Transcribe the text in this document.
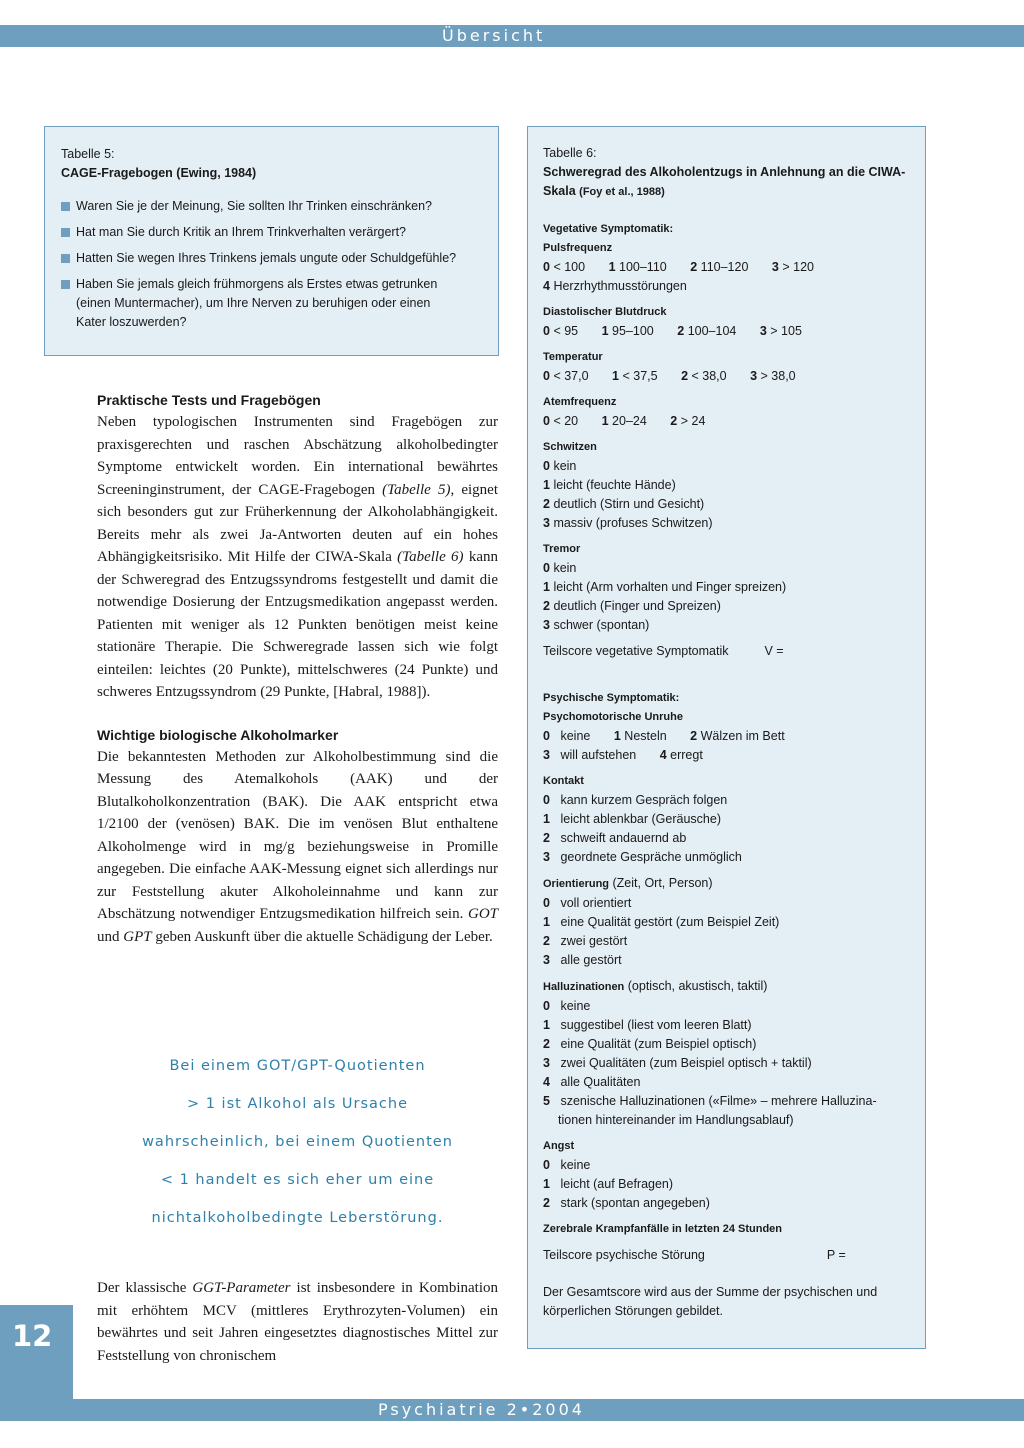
Übersicht
Tabelle 5:
CAGE-Fragebogen (Ewing, 1984)
Waren Sie je der Meinung, Sie sollten Ihr Trinken einschränken?
Hat man Sie durch Kritik an Ihrem Trinkverhalten verärgert?
Hatten Sie wegen Ihres Trinkens jemals ungute oder Schuldgefühle?
Haben Sie jemals gleich frühmorgens als Erstes etwas getrunken (einen Muntermacher), um Ihre Nerven zu beruhigen oder einen Kater loszuwerden?
Tabelle 6:
Schweregrad des Alkoholentzugs in Anlehnung an die CIWA-Skala (Foy et al., 1988)
Vegetative Symptomatik:
Pulsfrequenz
0 < 100 1 100–110 2 110–120 3 > 120
4 Herzrhythmusstörungen
Diastolischer Blutdruck
0 < 95 1 95–100 2 100–104 3 > 105
Temperatur
0 < 37,0 1 < 37,5 2 < 38,0 3 > 38,0
Atemfrequenz
0 < 20 1 20–24 2 > 24
Schwitzen
0 kein
1 leicht (feuchte Hände)
2 deutlich (Stirn und Gesicht)
3 massiv (profuses Schwitzen)
Tremor
0 kein
1 leicht (Arm vorhalten und Finger spreizen)
2 deutlich (Finger und Spreizen)
3 schwer (spontan)
Teilscore vegetative Symptomatik	V =
Psychische Symptomatik:
Psychomotorische Unruhe
0 keine 1 Nesteln 2 Wälzen im Bett
3 will aufstehen 4 erregt
Kontakt
0 kann kurzem Gespräch folgen
1 leicht ablenkbar (Geräusche)
2 schweift andauernd ab
3 geordnete Gespräche unmöglich
Orientierung (Zeit, Ort, Person)
0 voll orientiert
1 eine Qualität gestört (zum Beispiel Zeit)
2 zwei gestört
3 alle gestört
Halluzinationen (optisch, akustisch, taktil)
0 keine
1 suggestibel (liest vom leeren Blatt)
2 eine Qualität (zum Beispiel optisch)
3 zwei Qualitäten (zum Beispiel optisch + taktil)
4 alle Qualitäten
5 szenische Halluzinationen («Filme» – mehrere Halluzina-
tionen hintereinander im Handlungsablauf)
Angst
0 keine
1 leicht (auf Befragen)
2 stark (spontan angegeben)
Zerebrale Krampfanfälle in letzten 24 Stunden
Teilscore psychische Störung	P =
Der Gesamtscore wird aus der Summe der psychischen und körperlichen Störungen gebildet.
Praktische Tests und Fragebögen

Neben typologischen Instrumenten sind Fragebögen zur praxisgerechten und raschen Abschätzung alkoholbedingter Symptome entwickelt worden. Ein international bewährtes Screeninginstrument, der CAGE-Fragebogen (Tabelle 5), eignet sich besonders gut zur Früherkennung der Alkoholabhängigkeit. Bereits mehr als zwei Ja-Antworten deuten auf ein hohes Abhängigkeitsrisiko. Mit Hilfe der CIWA-Skala (Tabelle 6) kann der Schweregrad des Entzugssyndroms festgestellt und damit die notwendige Dosierung der Entzugsmedikation angepasst werden. Patienten mit weniger als 12 Punkten benötigen meist keine stationäre Therapie. Die Schweregrade lassen sich wie folgt einteilen: leichtes (20 Punkte), mittelschweres (24 Punkte) und schweres Entzugssyndrom (29 Punkte, [Habral, 1988]).

Wichtige biologische Alkoholmarker

Die bekanntesten Methoden zur Alkoholbestimmung sind die Messung des Atemalkohols (AAK) und der Blutalkoholkonzentration (BAK). Die AAK entspricht etwa 1/2100 der (venösen) BAK. Die im venösen Blut enthaltene Alkoholmenge wird in mg/g beziehungsweise in Promille angegeben. Die einfache AAK-Messung eignet sich allerdings nur zur Feststellung akuter Alkoholeinnahme und kann zur Abschätzung notwendiger Entzugsmedikation hilfreich sein. GOT und GPT geben Auskunft über die aktuelle Schädigung der Leber.

Bei einem GOT/GPT-Quotienten
> 1 ist Alkohol als Ursache
wahrscheinlich, bei einem Quotienten
< 1 handelt es sich eher um eine
nichtalkoholbedingte Leberstörung.

Der klassische GGT-Parameter ist insbesondere in Kombination mit erhöhtem MCV (mittleres Erythrozyten-Volumen) ein bewährtes und seit Jahren eingesetztes diagnostisches Mittel zur Feststellung von chronischem

12
Psychiatrie 2•2004
